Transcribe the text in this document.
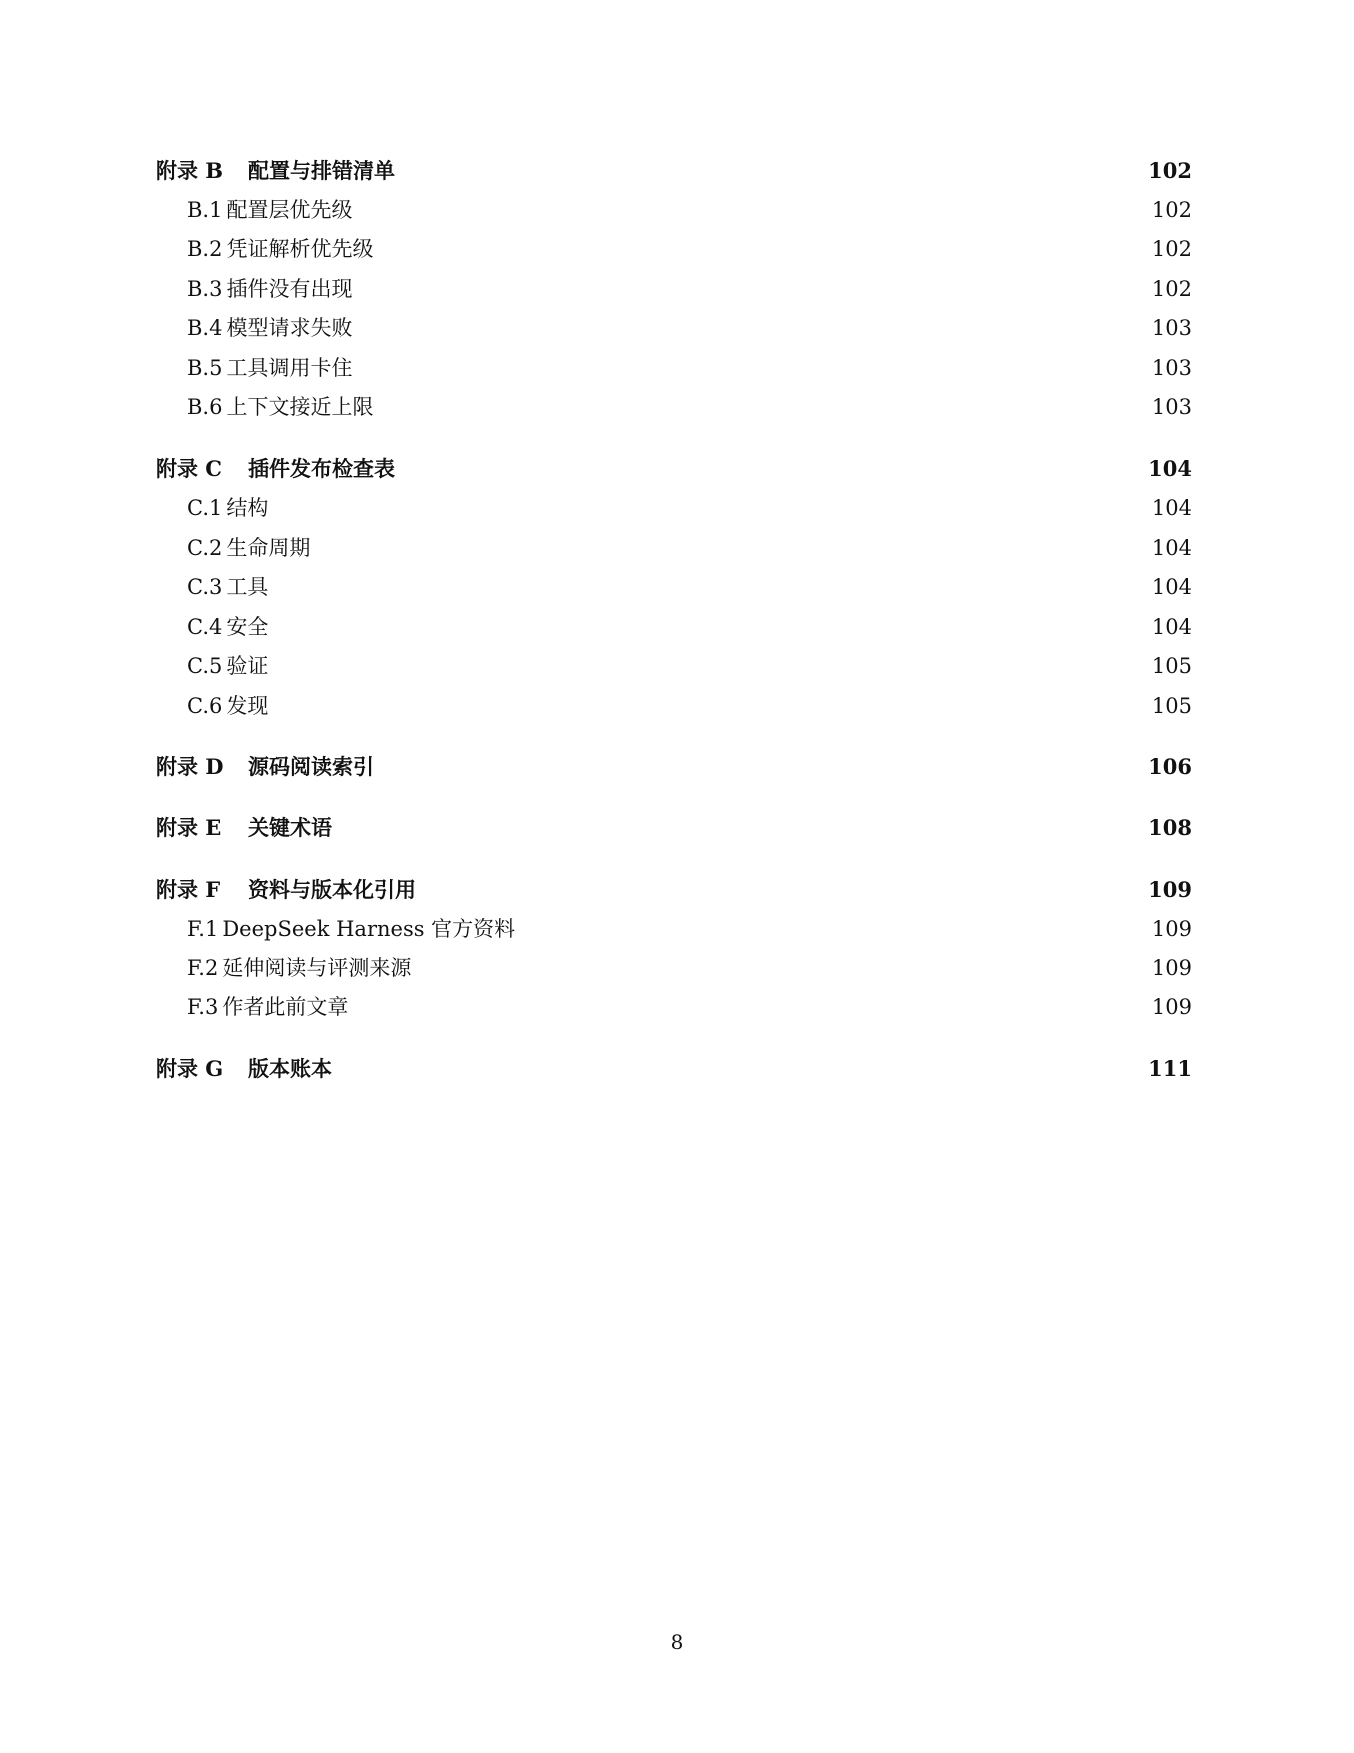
附录 B	配置与排错清单	102
B.1 配置层优先级	102
B.2 凭证解析优先级	102
B.3 插件没有出现	102
B.4 模型请求失败	103
B.5 工具调用卡住	103
B.6 上下文接近上限	103
附录 C	插件发布检查表	104
C.1 结构	104
C.2 生命周期	104
C.3 工具	104
C.4 安全	104
C.5 验证	105
C.6 发现	105
附录 D	源码阅读索引	106
附录 E	关键术语	108
附录 F	资料与版本化引用	109
F.1 DeepSeek Harness 官方资料	109
F.2 延伸阅读与评测来源	109
F.3 作者此前文章	109
附录 G	版本账本	111
8
